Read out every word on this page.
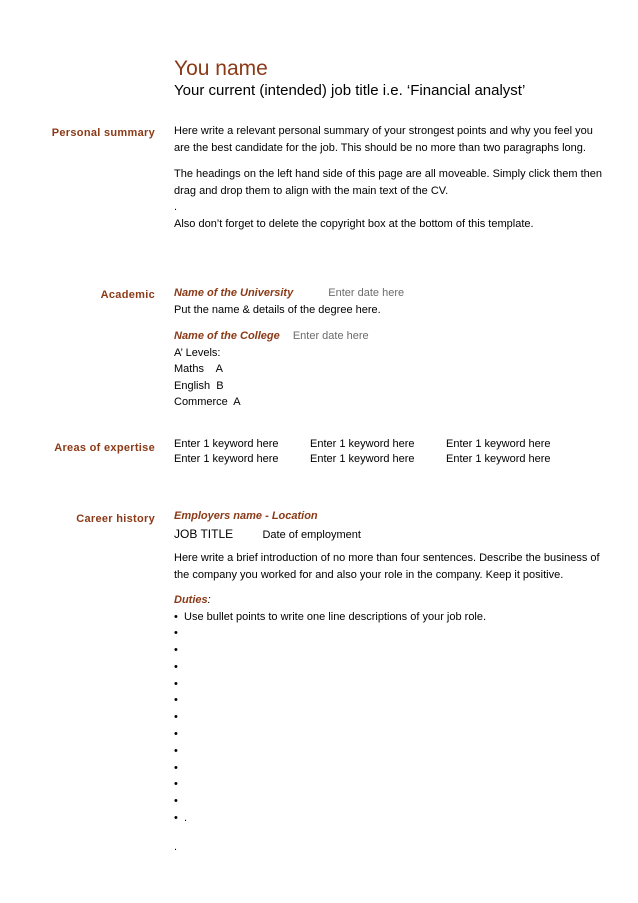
You name
Your current (intended) job title i.e. ‘Financial analyst’
Personal summary Here write a relevant personal summary of your strongest points and why you feel you are the best candidate for the job. This should be no more than two paragraphs long.

The headings on the left hand side of this page are all moveable. Simply click them then drag and drop them to align with the main text of the CV.

.

Also don’t forget to delete the copyright box at the bottom of this template.

Academic Name of the University	Enter date here

Put the name & details of the degree here.

Name of the College Enter date here

A’ Levels:

Maths    A

English  B

Commerce  A

Areas of expertise Enter 1 keyword here	Enter 1 keyword here	Enter 1 keyword here
Enter 1 keyword here	Enter 1 keyword here	Enter 1 keyword here
Career history Employers name - Location

JOB TITLE	Date of employment

Here write a brief introduction of no more than four sentences. Describe the business of the company you worked for and also your role in the company. Keep it positive.

Duties:

• Use bullet points to write one line descriptions of your job role.
•
•
•
•
•
•
•
•
•
•
•
• .

.
